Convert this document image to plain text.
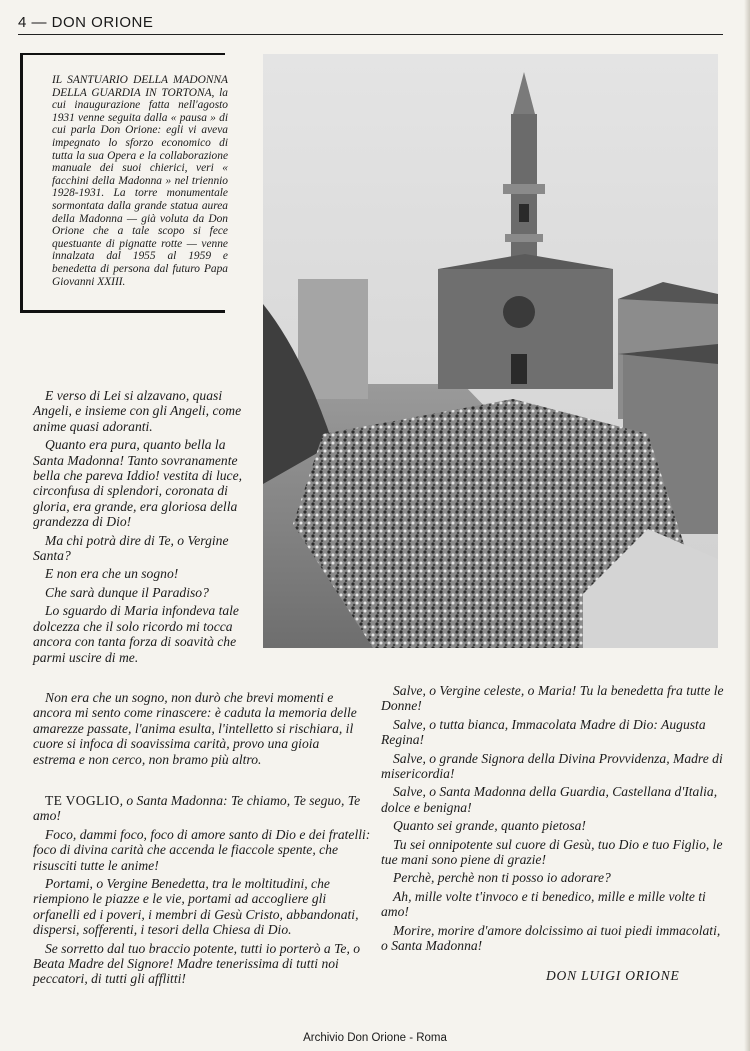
4 — DON ORIONE
IL SANTUARIO DELLA MADONNA DELLA GUARDIA IN TORTONA, la cui inaugurazione fatta nell'agosto 1931 venne seguita dalla « pausa » di cui parla Don Orione: egli vi aveva impegnato lo sforzo economico di tutta la sua Opera e la collaborazione manuale dei suoi chierici, veri « facchini della Madonna » nel triennio 1928-1931. La torre monumentale sormontata dalla grande statua aurea della Madonna — già voluta da Don Orione che a tale scopo si fece questuante di pignatte rotte — venne innalzata dal 1955 al 1959 e benedetta di persona dal futuro Papa Giovanni XXIII.

E verso di Lei si alzavano, quasi Angeli, e insieme con gli Angeli, come anime quasi adoranti.

Quanto era pura, quanto bella la Santa Madonna! Tanto sovranamente bella che pareva Iddio! vestita di luce, circonfusa di splendori, coronata di gloria, era grande, era gloriosa della grandezza di Dio!

Ma chi potrà dire di Te, o Vergine Santa?

E non era che un sogno!

Che sarà dunque il Paradiso?

Lo sguardo di Maria infondeva tale dolcezza che il solo ricordo mi tocca ancora con tanta forza di soavità che parmi uscire di me.

Non era che un sogno, non durò che brevi momenti e ancora mi sento come rinascere: è caduta la memoria delle amarezze passate, l'anima esulta, l'intelletto si rischiara, il cuore si infoca di soavissima carità, provo una gioia estrema e non cerco, non bramo più altro.

TE VOGLIO, o Santa Madonna: Te chiamo, Te seguo, Te amo!

Foco, dammi foco, foco di amore santo di Dio e dei fratelli: foco di divina carità che accenda le fiaccole spente, che risusciti tutte le anime!

Portami, o Vergine Benedetta, tra le moltitudini, che riempiono le piazze e le vie, portami ad accogliere gli orfanelli ed i poveri, i membri di Gesù Cristo, abbandonati, dispersi, sofferenti, i tesori della Chiesa di Dio.

Se sorretto dal tuo braccio potente, tutti io porterò a Te, o Beata Madre del Signore! Madre tenerissima di tutti noi peccatori, di tutti gli afflitti!

Salve, o Vergine celeste, o Maria! Tu la benedetta fra tutte le Donne!

Salve, o tutta bianca, Immacolata Madre di Dio: Augusta Regina!

Salve, o grande Signora della Divina Provvidenza, Madre di misericordia!

Salve, o Santa Madonna della Guardia, Castellana d'Italia, dolce e benigna!

Quanto sei grande, quanto pietosa!

Tu sei onnipotente sul cuore di Gesù, tuo Dio e tuo Figlio, le tue mani sono piene di grazie!

Perchè, perchè non ti posso io adorare?

Ah, mille volte t'invoco e ti benedico, mille e mille volte ti amo!

Morire, morire d'amore dolcissimo ai tuoi piedi immacolati, o Santa Madonna!

DON LUIGI ORIONE
Archivio Don Orione - Roma
